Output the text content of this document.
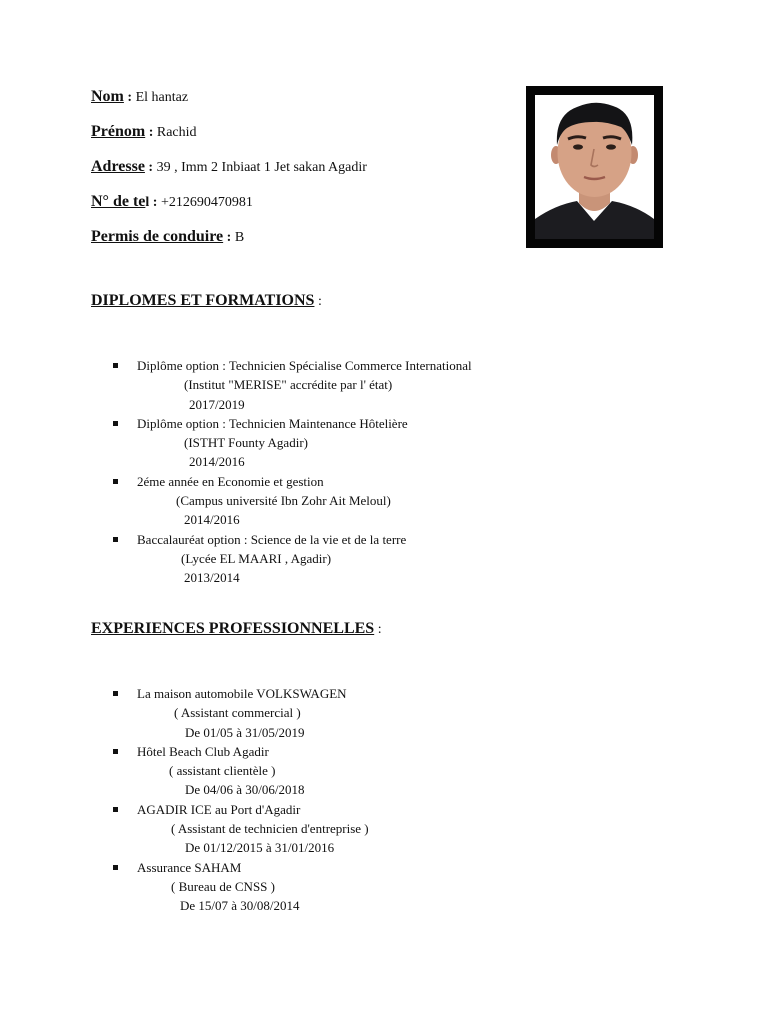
Nom : El hantaz
Prénom : Rachid
Adresse : 39 , Imm 2 Inbiaat 1 Jet sakan Agadir
N° de tel : +212690470981
Permis de conduire : B
DIPLOMES ET FORMATIONS :
Diplôme option : Technicien Spécialise Commerce International
(Institut "MERISE" accrédite par l' état)
2017/2019
Diplôme option : Technicien Maintenance Hôtelière
(ISTHT Founty Agadir)
2014/2016
2éme année en Economie et gestion
(Campus université Ibn Zohr Ait Meloul)
2014/2016
Baccalauréat option : Science de la vie et de la terre
(Lycée EL MAARI , Agadir)
2013/2014
EXPERIENCES PROFESSIONNELLES :
La maison automobile VOLKSWAGEN
( Assistant commercial )
De 01/05 à 31/05/2019
Hôtel Beach Club Agadir
( assistant clientèle )
De 04/06 à 30/06/2018
AGADIR ICE au Port d'Agadir
( Assistant de technicien d'entreprise )
De 01/12/2015 à 31/01/2016
Assurance SAHAM
( Bureau de CNSS )
De 15/07 à 30/08/2014
